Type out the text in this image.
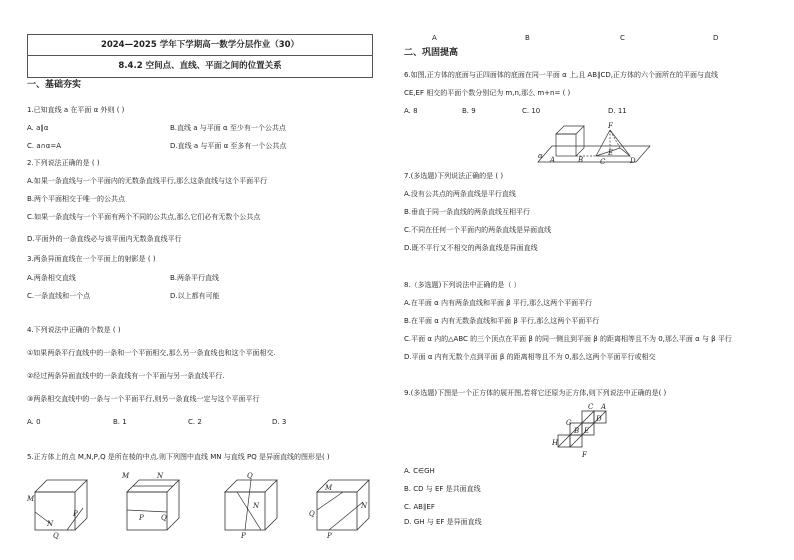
A	B	C	D
2024—2025 学年下学期高一数学分层作业（30）
8.4.2 空间点、直线、平面之间的位置关系
一、基础夯实
1.已知直线 a 在平面 α 外则 ( )
A. a∥α	B.直线 a 与平面 α 至少有一个公共点
C. a∩α=A	D.直线 a 与平面 α 至多有一个公共点
2.下列说法正确的是 ( )
A.如果一条直线与一个平面内的无数条直线平行,那么这条直线与这个平面平行
B.两个平面相交于唯一的公共点
C.如果一条直线与一个平面有两个不同的公共点,那么它们必有无数个公共点
D.平面外的一条直线必与该平面内无数条直线平行
3.两条异面直线在一个平面上的射影是 ( )
A.两条相交直线	B.两条平行直线
C.一条直线和一个点	D.以上都有可能
4.下列说法中正确的个数是 ( )
①如果两条平行直线中的一条和一个平面相交,那么另一条直线也和这个平面相交.
②经过两条异面直线中的一条直线有一个平面与另一条直线平行.
③两条相交直线中的一条与一个平面平行,则另一条直线一定与这个平面平行
A. 0	B. 1	C. 2	D. 3
5.正方体上的点 M,N,P,Q 是所在棱的中点.则下列图中直线 MN 与直线 PQ 是异面直线的图形是( )
M
N
P
Q
M	N
P Q
Q
N
P
M
Q
N
P
二、巩固提高
6.如图,正方体的底面与正四面体的底面在同一平面 α 上,且 AB∥CD,正方体的六个面所在的平面与直线
CE,EF 相交的平面个数分别记为 m,n,那么 m+n= ( )
A. 8	B. 9	C. 10	D. 11
A	B
F
C
E
D
α
7.(多选题)下列说法正确的是 ( )
A.没有公共点的两条直线是平行直线
B.垂直于同一条直线的两条直线互相平行
C.不同在任何一个平面内的两条直线是异面直线
D.既不平行又不相交的两条直线是异面直线
8.（多选题)下列说法中正确的是（ ）
A.在平面 α 内有两条直线和平面 β 平行,那么这两个平面平行
B.在平面 α 内有无数条直线和平面 β 平行,那么这两个平面平行
C.平面 α 内的△ABC 的三个顶点在平面 β 的同一侧且到平面 β 的距离相等且不为 0,那么平面 α 与 β 平行
D.平面 α 内有无数个点到平面 β 的距离相等且不为 0,那么这两个平面平行或相交
9.(多选题)下图是一个正方体的展开图,若将它还原为正方体,则下列说法中正确的是( )
C A
G	D
H
B E
F
A. C∈GH
B. CD 与 EF 是共面直线
C. AB∥EF
D. GH 与 EF 是异面直线
